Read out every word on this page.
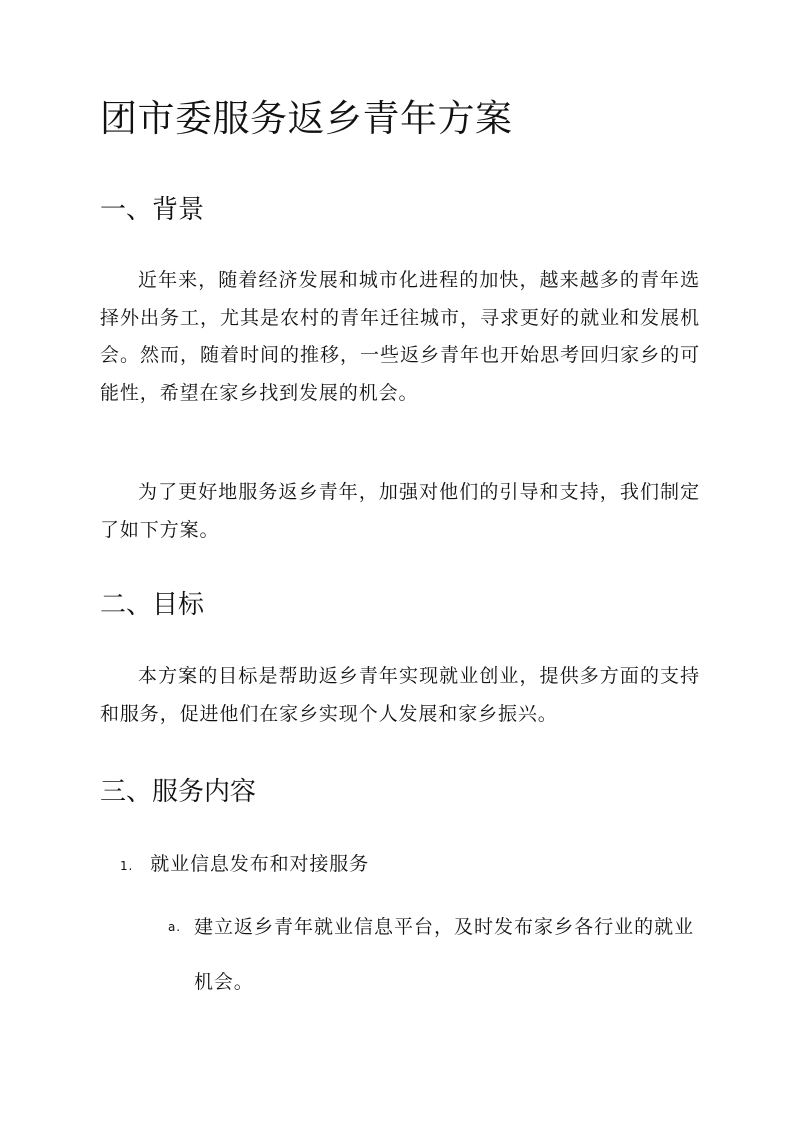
团市委服务返乡青年方案
一、背景

近年来，随着经济发展和城市化进程的加快，越来越多的青年选择外出务工，尤其是农村的青年迁往城市，寻求更好的就业和发展机会。然而，随着时间的推移，一些返乡青年也开始思考回归家乡的可能性，希望在家乡找到发展的机会。

为了更好地服务返乡青年，加强对他们的引导和支持，我们制定了如下方案。

二、目标

本方案的目标是帮助返乡青年实现就业创业，提供多方面的支持和服务，促进他们在家乡实现个人发展和家乡振兴。

三、服务内容
1. 就业信息发布和对接服务
a. 建立返乡青年就业信息平台，及时发布家乡各行业的就业机会。
